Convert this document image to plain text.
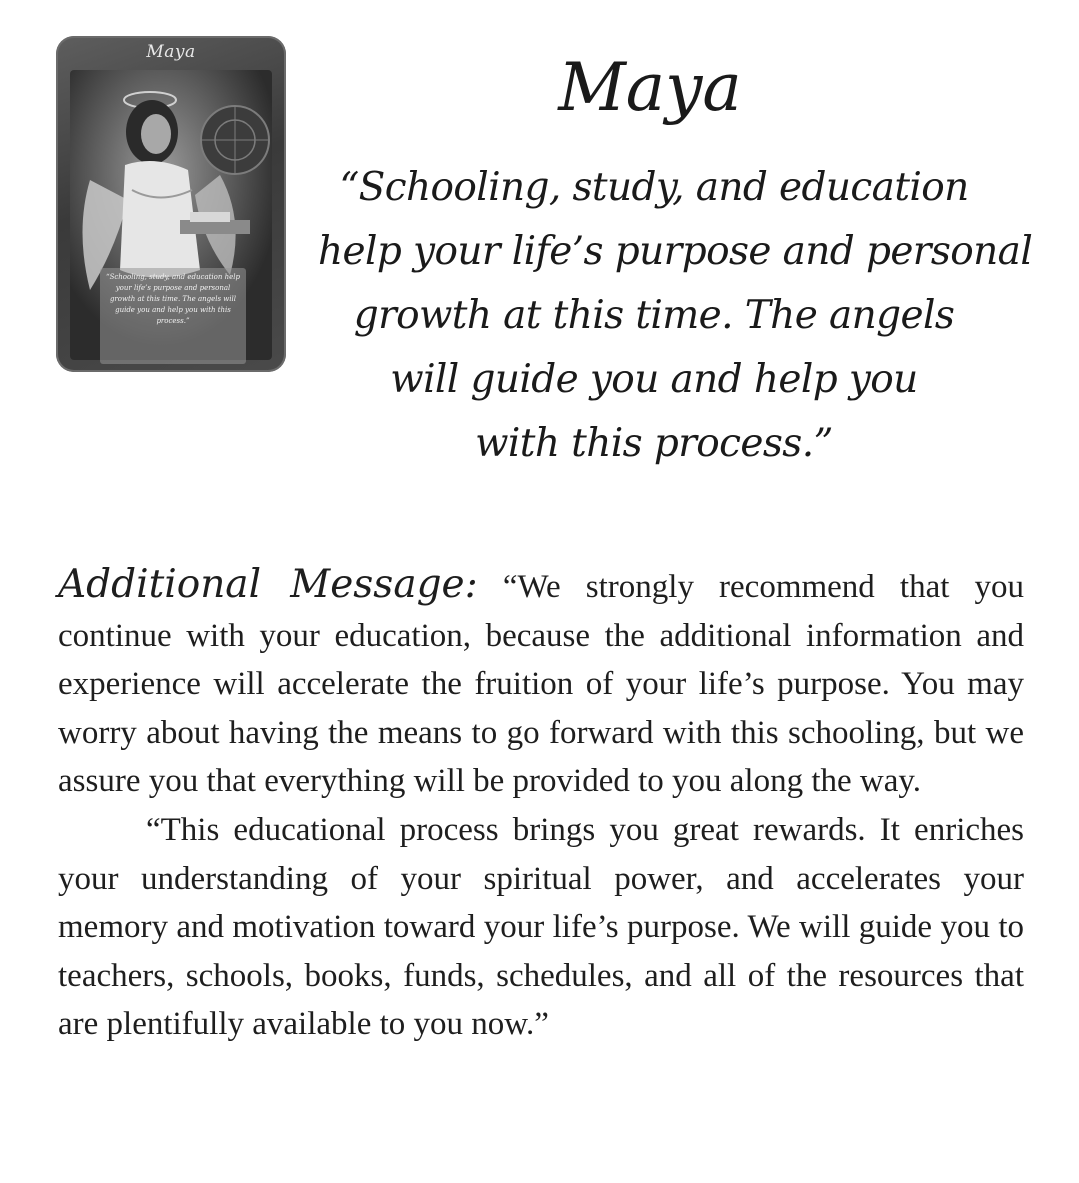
Maya
“Schooling, study, and education help your life’s purpose and personal growth at this time. The angels will guide you and help you with this process.”
Maya
“Schooling, study, and education
help your life’s purpose and personal
growth at this time. The angels
will guide you and help you
with this process.”

Additional Message: “We strongly recommend that you continue with your education, because the additional information and experience will accelerate the fruition of your life’s purpose. You may worry about having the means to go forward with this schooling, but we assure you that everything will be provided to you along the way.

“This educational process brings you great rewards. It enriches your understanding of your spiritual power, and accelerates your memory and motivation toward your life’s purpose. We will guide you to teachers, schools, books, funds, schedules, and all of the resources that are plentifully available to you now.”
